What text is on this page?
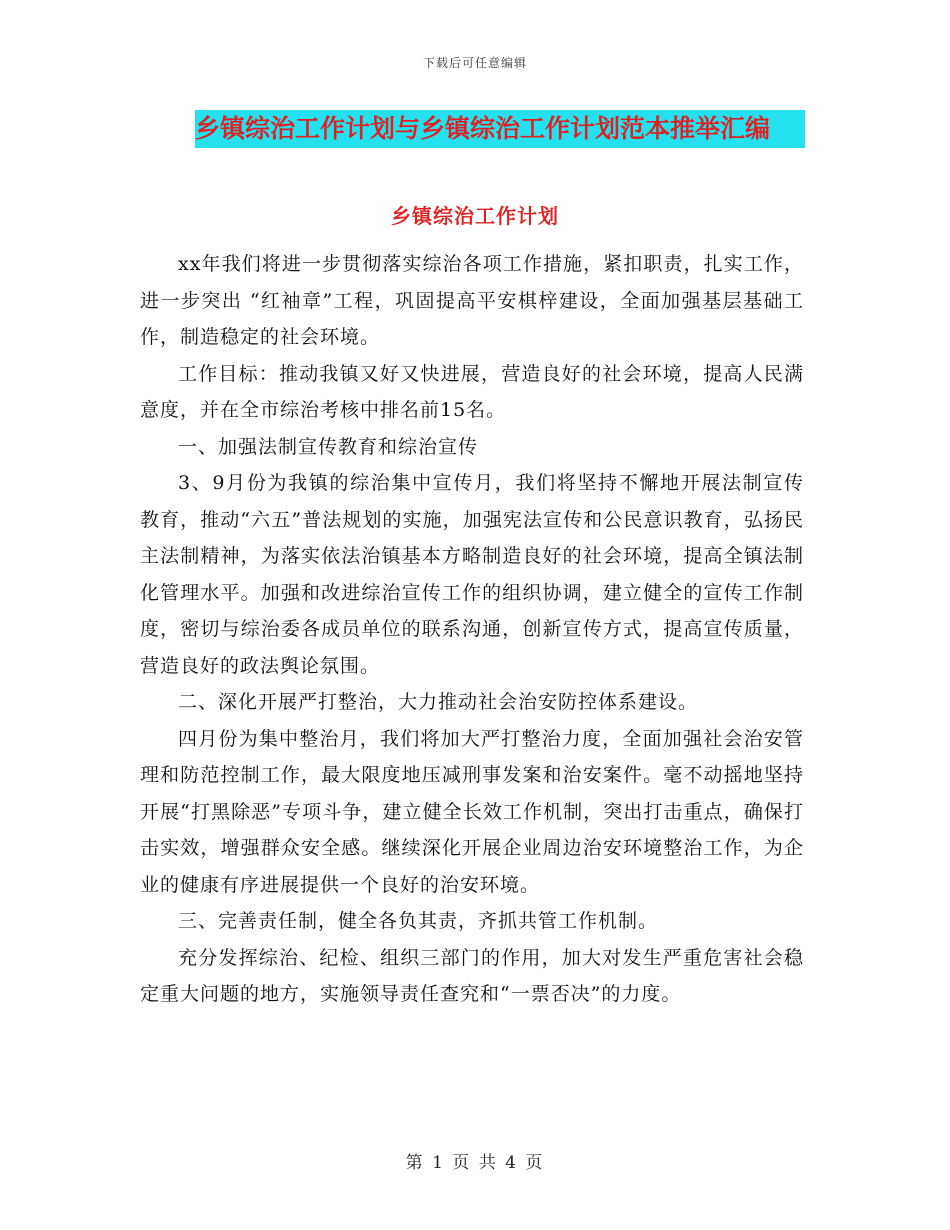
下载后可任意编辑
乡镇综治工作计划与乡镇综治工作计划范本推举汇编
乡镇综治工作计划

xx年我们将进一步贯彻落实综治各项工作措施，紧扣职责，扎实工作，进一步突出 “红袖章”工程，巩固提高平安棋梓建设，全面加强基层基础工作，制造稳定的社会环境。

工作目标：推动我镇又好又快进展，营造良好的社会环境，提高人民满意度，并在全市综治考核中排名前15名。

一、加强法制宣传教育和综治宣传

3、9月份为我镇的综治集中宣传月，我们将坚持不懈地开展法制宣传教育，推动“六五”普法规划的实施，加强宪法宣传和公民意识教育，弘扬民主法制精神，为落实依法治镇基本方略制造良好的社会环境，提高全镇法制化管理水平。加强和改进综治宣传工作的组织协调，建立健全的宣传工作制度，密切与综治委各成员单位的联系沟通，创新宣传方式，提高宣传质量，营造良好的政法舆论氛围。

二、深化开展严打整治，大力推动社会治安防控体系建设。

四月份为集中整治月，我们将加大严打整治力度，全面加强社会治安管理和防范控制工作，最大限度地压减刑事发案和治安案件。毫不动摇地坚持开展“打黑除恶”专项斗争，建立健全长效工作机制，突出打击重点，确保打击实效，增强群众安全感。继续深化开展企业周边治安环境整治工作，为企业的健康有序进展提供一个良好的治安环境。

三、完善责任制，健全各负其责，齐抓共管工作机制。

充分发挥综治、纪检、组织三部门的作用，加大对发生严重危害社会稳定重大问题的地方，实施领导责任查究和“一票否决”的力度。

第 1 页 共 4 页
